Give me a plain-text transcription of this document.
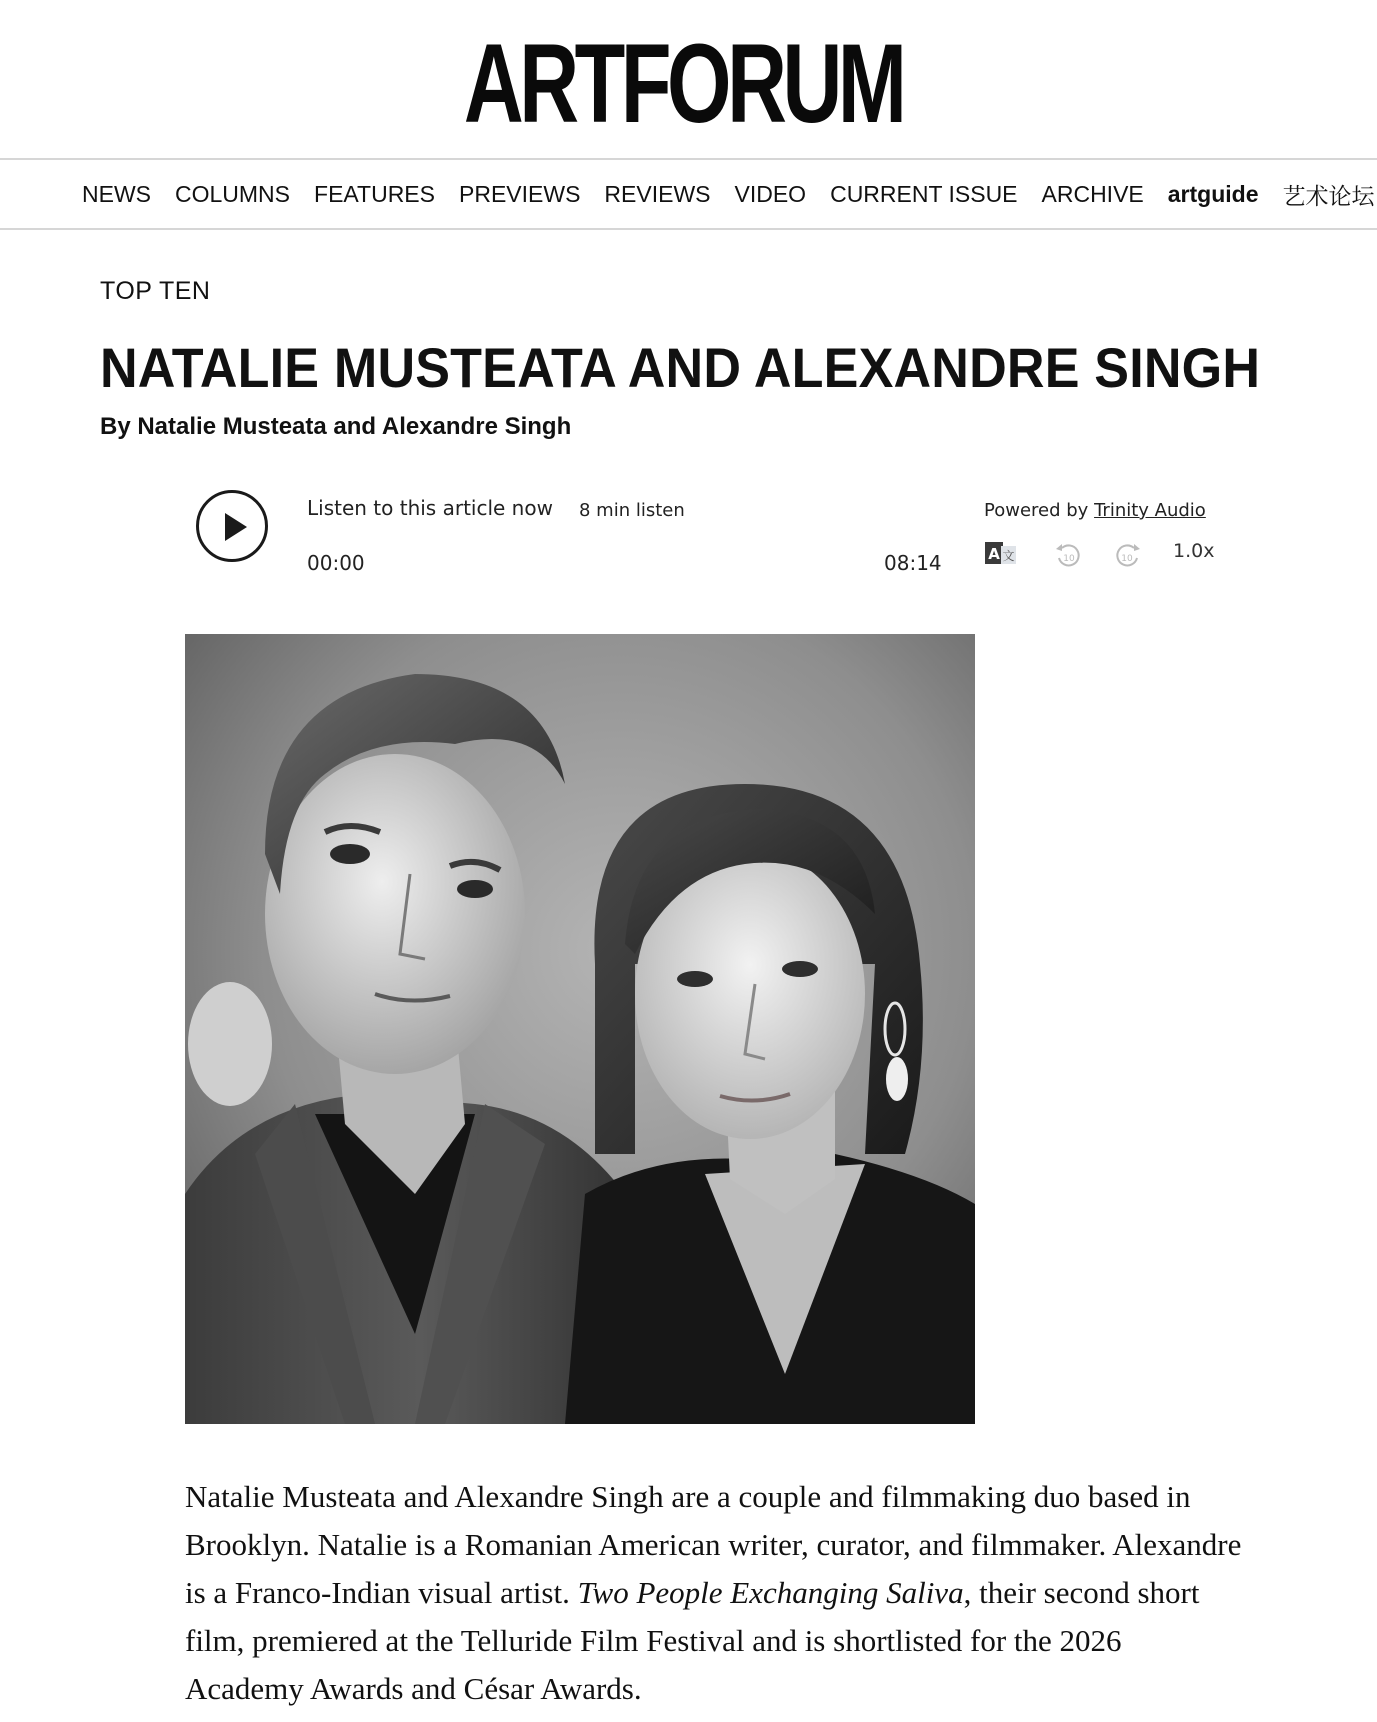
ARTFORUM
NEWS COLUMNS FEATURES PREVIEWS REVIEWS VIDEO CURRENT ISSUE ARCHIVE artguide 艺术论坛
TOP TEN
NATALIE MUSTEATA AND ALEXANDRE SINGH
By Natalie Musteata and Alexandre Singh
Listen to this article now 8 min listen
00:00	08:14
Powered by Trinity Audio
A 文	10	10 1.0x

Natalie Musteata and Alexandre Singh are a couple and filmmaking duo based in Brooklyn. Natalie is a Romanian American writer, curator, and filmmaker. Alexandre is a Franco-Indian visual artist. Two People Exchanging Saliva, their second short film, premiered at the Telluride Film Festival and is shortlisted for the 2026 Academy Awards and César Awards.
